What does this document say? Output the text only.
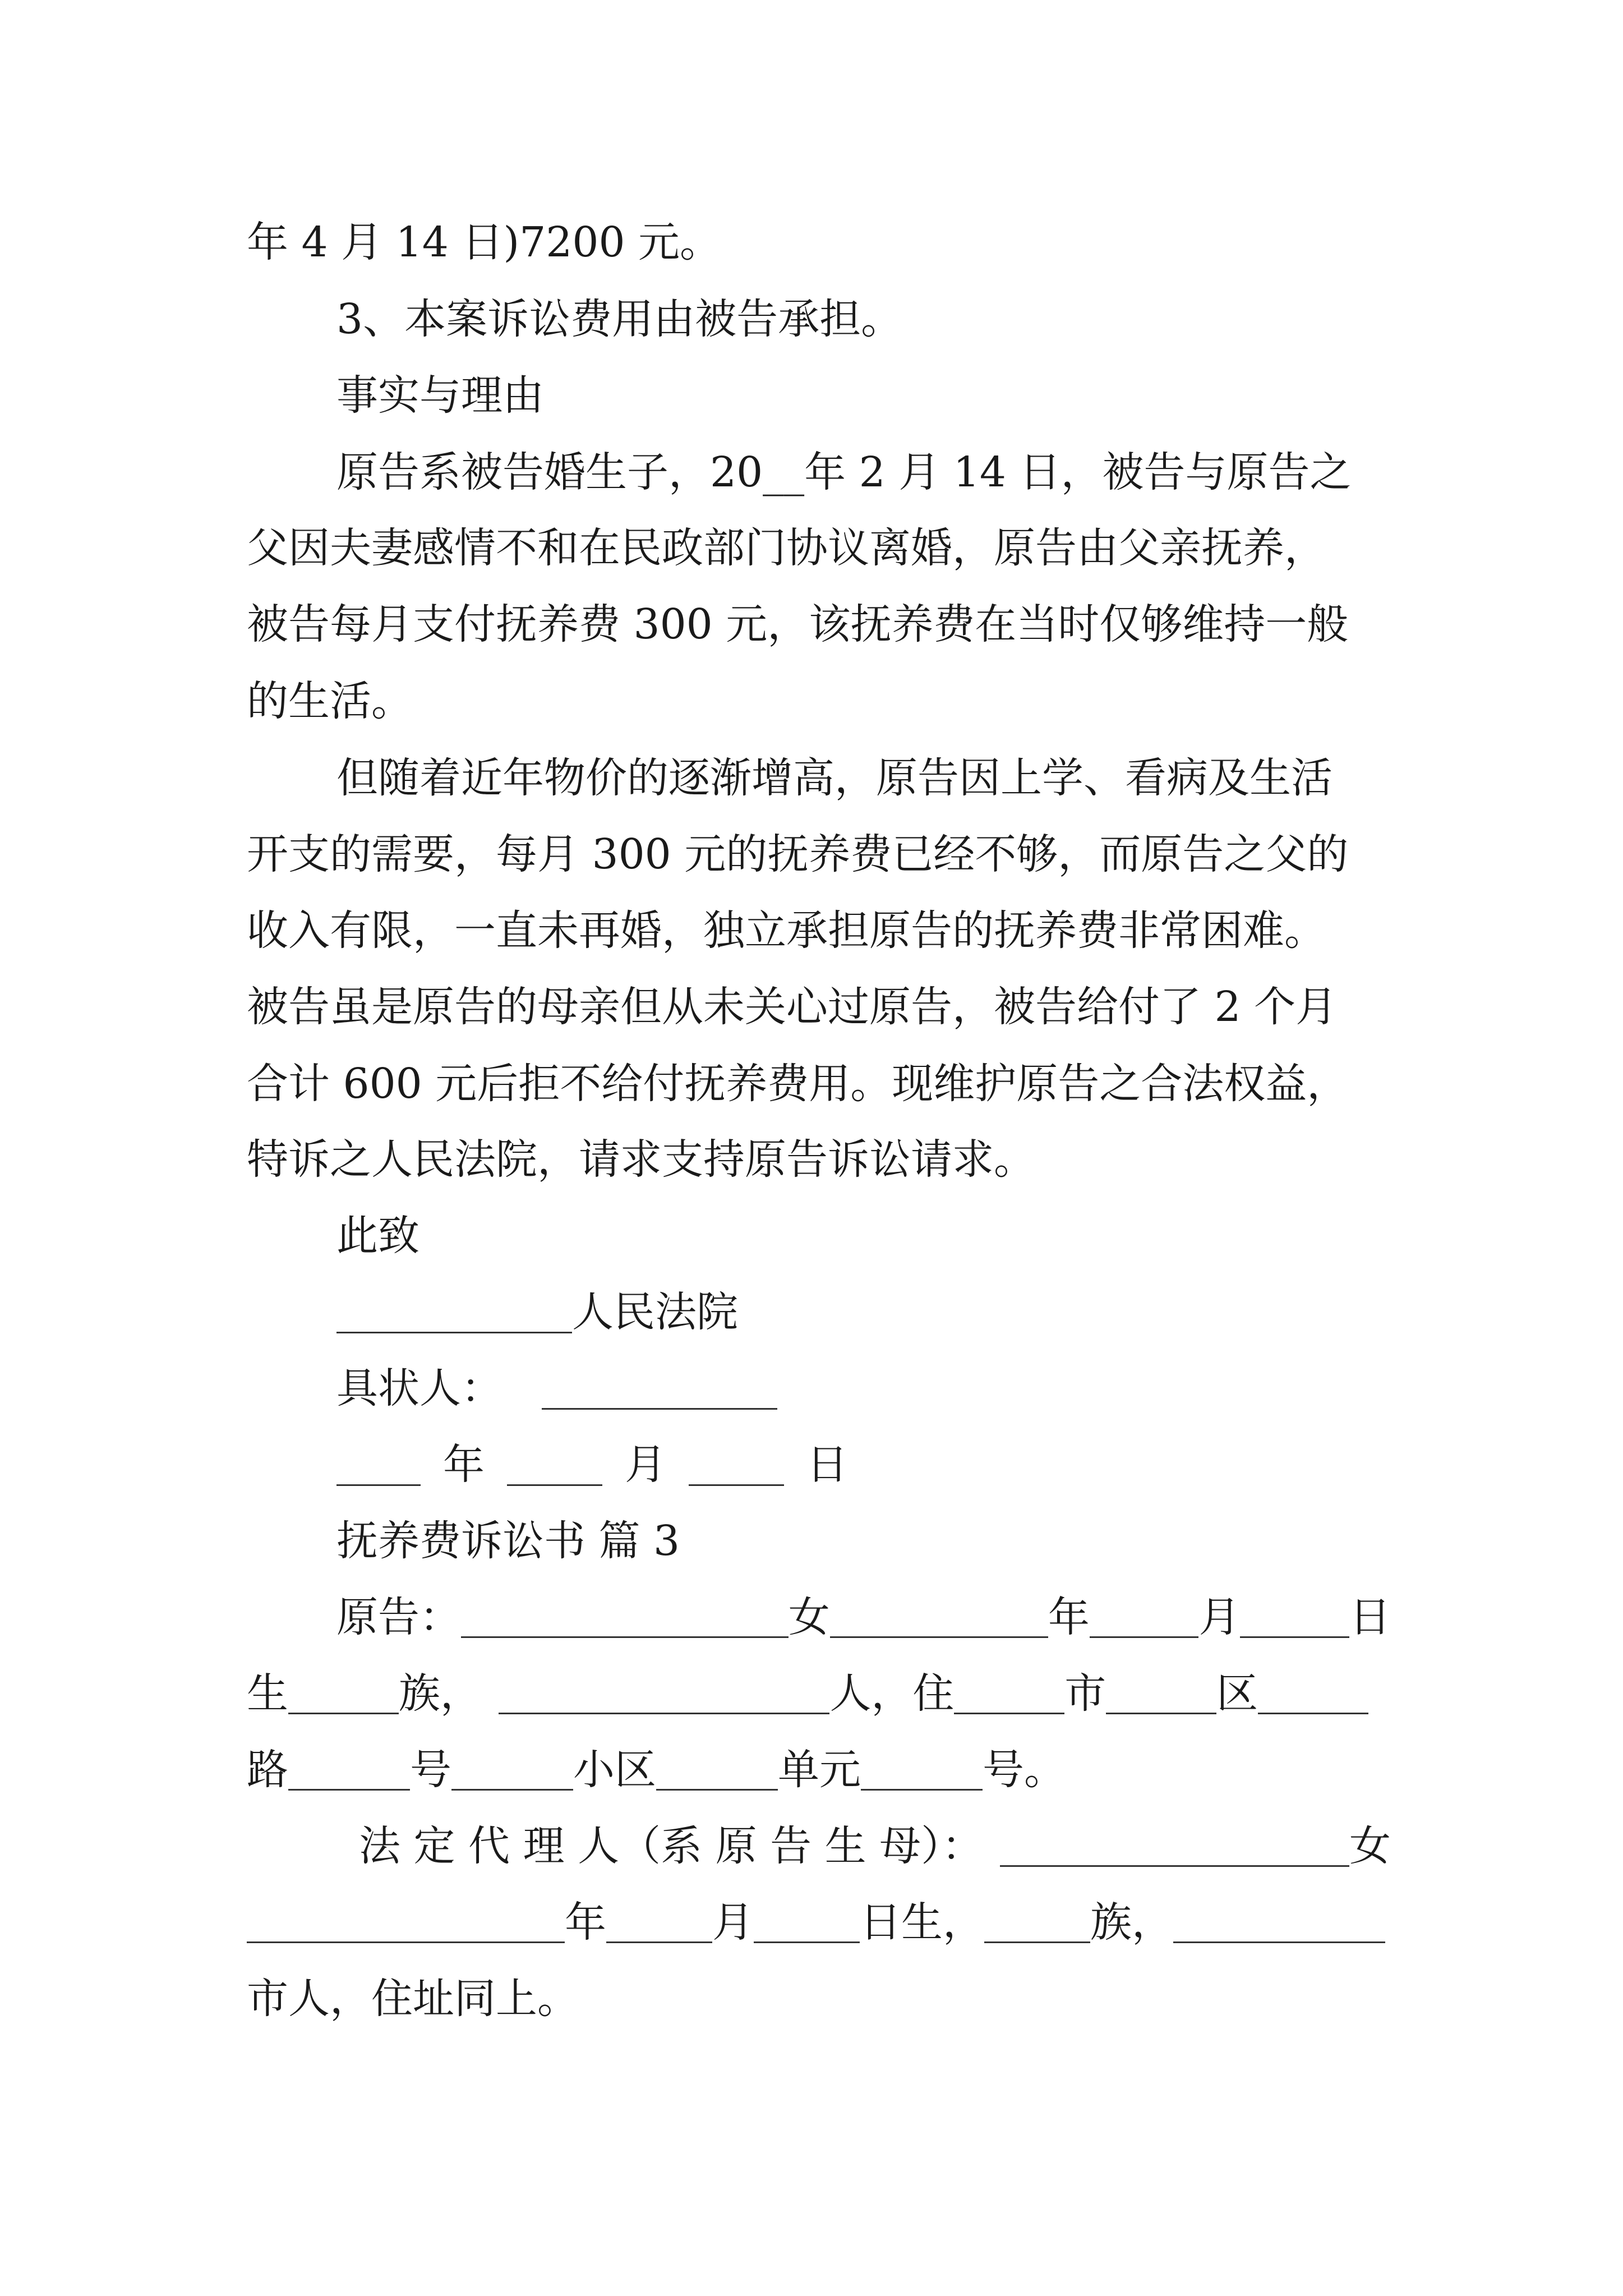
年 4 月 14 日)7200 元。
3、本案诉讼费用由被告承担。
事实与理由
原告系被告婚生子，20__年 2 月 14 日，被告与原告之
父因夫妻感情不和在民政部门协议离婚，原告由父亲抚养，
被告每月支付抚养费 300 元，该抚养费在当时仅够维持一般
的生活。
但随着近年物价的逐渐增高，原告因上学、看病及生活
开支的需要，每月 300 元的抚养费已经不够，而原告之父的
收入有限，一直未再婚，独立承担原告的抚养费非常困难。
被告虽是原告的母亲但从未关心过原告，被告给付了 2 个月
合计 600 元后拒不给付抚养费用。现维护原告之合法权益，
特诉之人民法院，请求支持原告诉讼请求。
此致
人民法院
具状人：
年	月	日
抚养费诉讼书 篇 3
原告：	女	年	月	日
生	族，	人，住	市	区
路	号	小区	单元	号。
法 定 代 理 人（系 原 告 生 母）：	女
年	月	日生，	族，
市人，住址同上。
